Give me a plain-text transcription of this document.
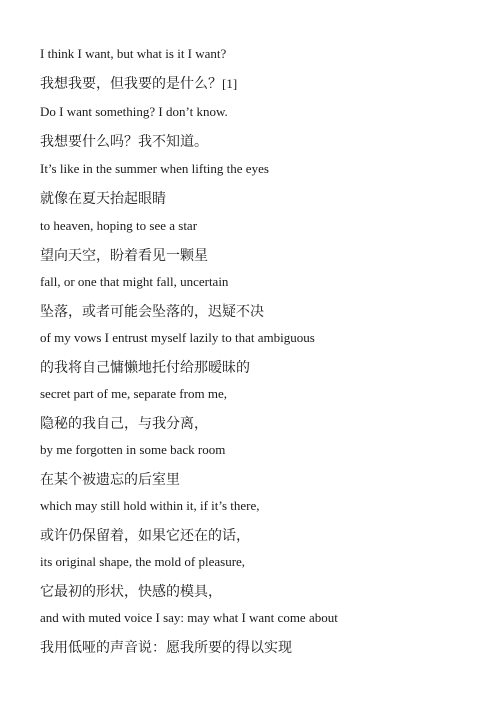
I think I want, but what is it I want?
我想我要，但我要的是什么？[1]
Do I want something? I don’t know.
我想要什么吗？我不知道。
It’s like in the summer when lifting the eyes
就像在夏天抬起眼睛
to heaven, hoping to see a star
望向天空，盼着看见一颗星
fall, or one that might fall, uncertain
坠落，或者可能会坠落的，迟疑不决
of my vows I entrust myself lazily to that ambiguous
的我将自己慵懒地托付给那暧昧的
secret part of me, separate from me,
隐秘的我自己，与我分离，
by me forgotten in some back room
在某个被遗忘的后室里
which may still hold within it, if it’s there,
或许仍保留着，如果它还在的话，
its original shape, the mold of pleasure,
它最初的形状，快感的模具，
and with muted voice I say: may what I want come about
我用低哑的声音说：愿我所要的得以实现
